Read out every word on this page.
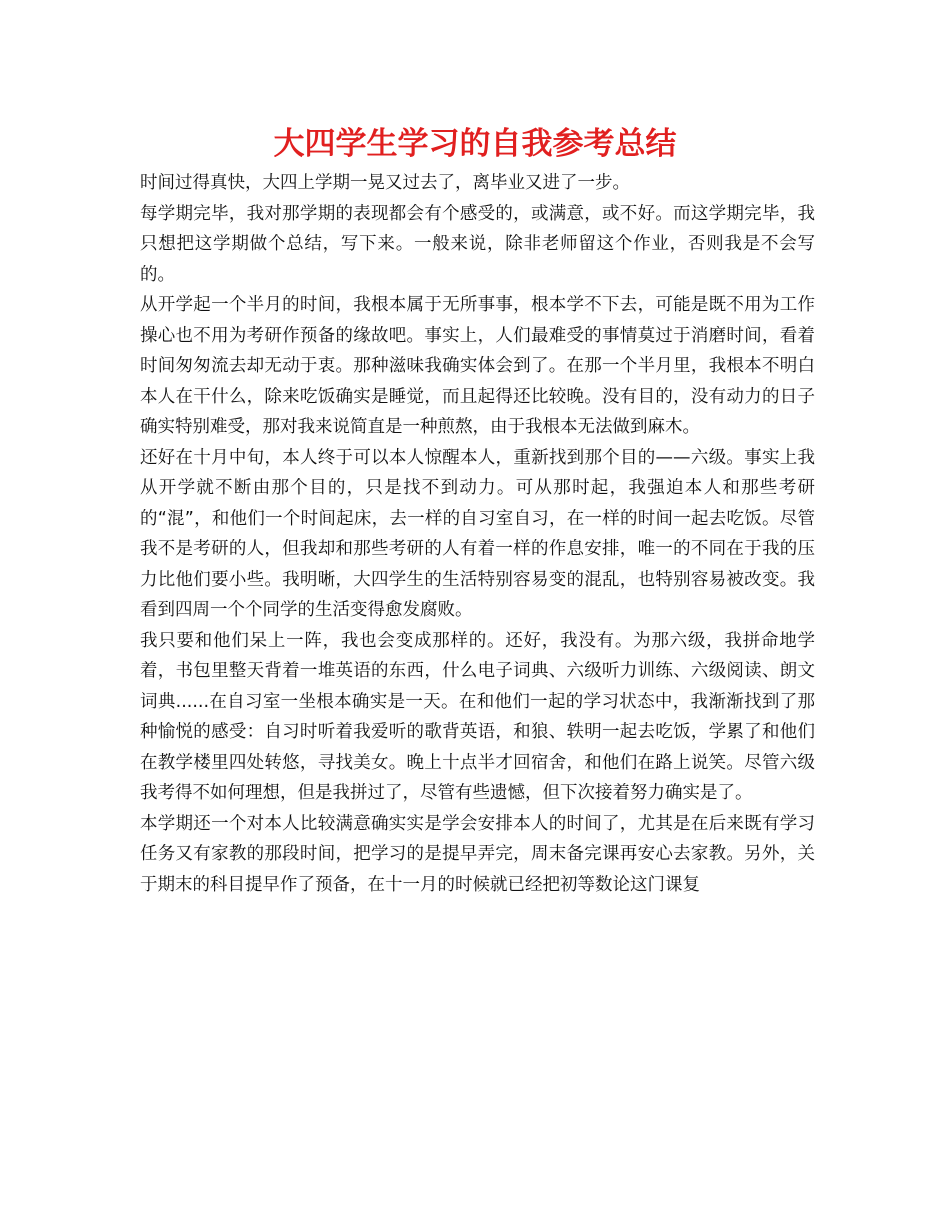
大四学生学习的自我参考总结

时间过得真快，大四上学期一晃又过去了，离毕业又进了一步。

每学期完毕，我对那学期的表现都会有个感受的，或满意，或不好。而这学期完毕，我只想把这学期做个总结，写下来。一般来说，除非老师留这个作业，否则我是不会写的。

从开学起一个半月的时间，我根本属于无所事事，根本学不下去，可能是既不用为工作操心也不用为考研作预备的缘故吧。事实上，人们最难受的事情莫过于消磨时间，看着时间匆匆流去却无动于衷。那种滋味我确实体会到了。在那一个半月里，我根本不明白本人在干什么，除来吃饭确实是睡觉，而且起得还比较晚。没有目的，没有动力的日子确实特别难受，那对我来说简直是一种煎熬，由于我根本无法做到麻木。

还好在十月中旬，本人终于可以本人惊醒本人，重新找到那个目的——六级。事实上我从开学就不断由那个目的，只是找不到动力。可从那时起，我强迫本人和那些考研的“混”，和他们一个时间起床，去一样的自习室自习，在一样的时间一起去吃饭。尽管我不是考研的人，但我却和那些考研的人有着一样的作息安排，唯一的不同在于我的压力比他们要小些。我明晰，大四学生的生活特别容易变的混乱，也特别容易被改变。我看到四周一个个同学的生活变得愈发腐败。

我只要和他们呆上一阵，我也会变成那样的。还好，我没有。为那六级，我拼命地学着，书包里整天背着一堆英语的东西，什么电子词典、六级听力训练、六级阅读、朗文词典......在自习室一坐根本确实是一天。在和他们一起的学习状态中，我渐渐找到了那种愉悦的感受：自习时听着我爱听的歌背英语，和狼、轶明一起去吃饭，学累了和他们在教学楼里四处转悠，寻找美女。晚上十点半才回宿舍，和他们在路上说笑。尽管六级我考得不如何理想，但是我拼过了，尽管有些遗憾，但下次接着努力确实是了。

本学期还一个对本人比较满意确实实是学会安排本人的时间了，尤其是在后来既有学习任务又有家教的那段时间，把学习的是提早弄完，周末备完课再安心去家教。另外，关于期末的科目提早作了预备，在十一月的时候就已经把初等数论这门课复
